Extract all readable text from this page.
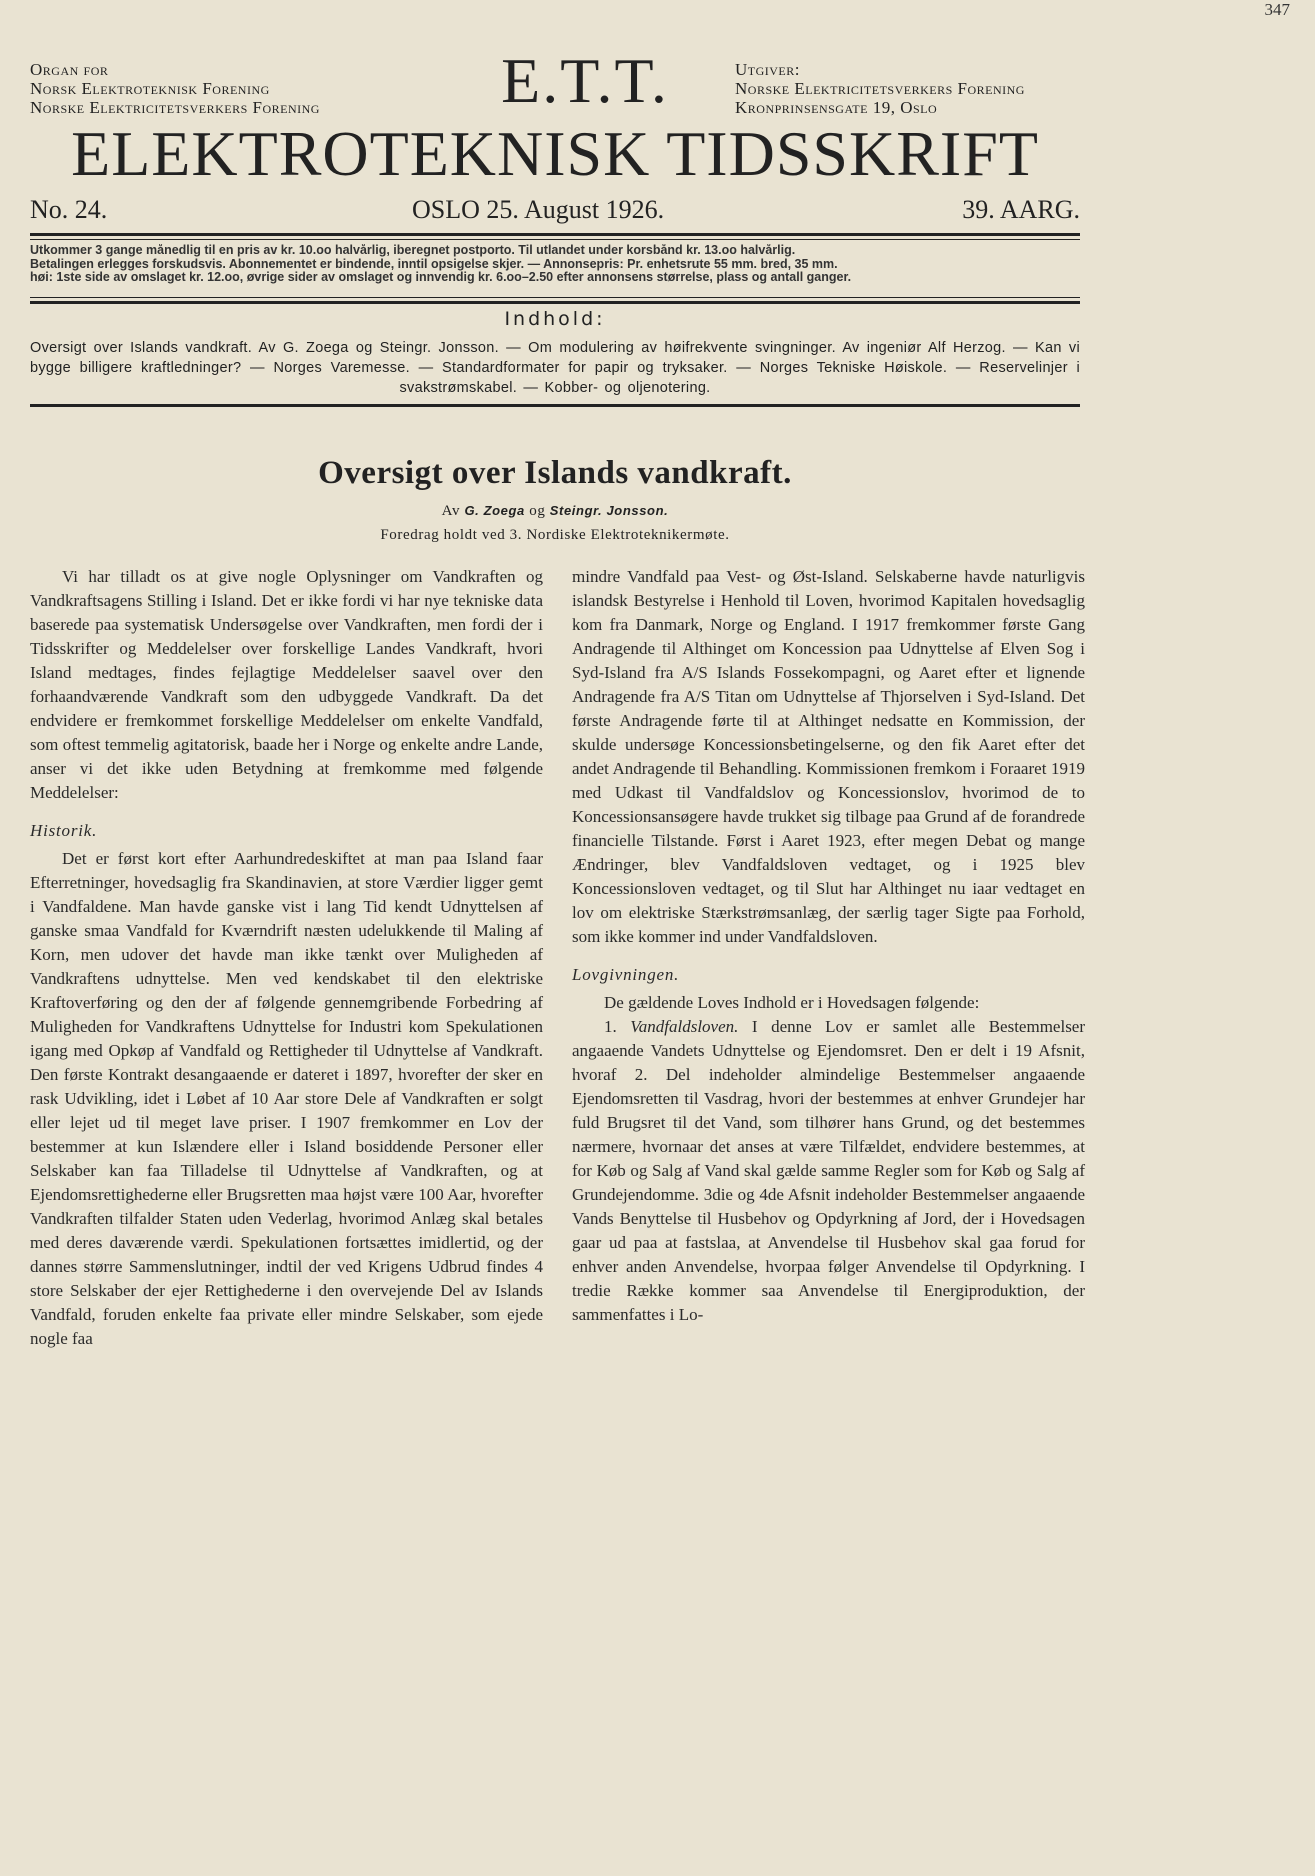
347
Organ for
Norsk Elektroteknisk Forening
Norske Elektricitetsverkers Forening	E.T.T.	Utgiver:
Norske Elektricitetsverkers Forening
Kronprinsensgate 19, Oslo
ELEKTROTEKNISK TIDSSKRIFT
No. 24.	OSLO 25. August 1926.	39. AARG.
Utkommer 3 gange månedlig til en pris av kr. 10.oo halvårlig, iberegnet postporto. Til utlandet under korsbånd kr. 13.oo halvårlig.
Betalingen erlegges forskudsvis. Abonnementet er bindende, inntil opsigelse skjer. — Annonsepris: Pr. enhetsrute 55 mm. bred, 35 mm.
høi: 1ste side av omslaget kr. 12.oo, øvrige sider av omslaget og innvendig kr. 6.oo–2.50 efter annonsens størrelse, plass og antall ganger.
Indhold:
Oversigt over Islands vandkraft. Av G. Zoega og Steingr. Jonsson. — Om modulering av høifrekvente svingninger. Av ingeniør Alf Herzog. — Kan vi bygge billigere kraftledninger? — Norges Varemesse. — Standardformater for papir og tryksaker. — Norges Tekniske Høiskole. — Reservelinjer i svakstrømskabel. — Kobber- og oljenotering.
Oversigt over Islands vandkraft.
Av G. Zoega og Steingr. Jonsson.
Foredrag holdt ved 3. Nordiske Elektroteknikermøte.

Vi har tilladt os at give nogle Oplysninger om Vandkraften og Vandkraftsagens Stilling i Island. Det er ikke fordi vi har nye tekniske data baserede paa systematisk Undersøgelse over Vandkraften, men fordi der i Tidsskrifter og Meddelelser over forskellige Landes Vandkraft, hvori Island medtages, findes fejlagtige Meddelelser saavel over den forhaandværende Vandkraft som den udbyggede Vandkraft. Da det endvidere er fremkommet forskellige Meddelelser om enkelte Vandfald, som oftest temmelig agitatorisk, baade her i Norge og enkelte andre Lande, anser vi det ikke uden Betydning at fremkomme med følgende Meddelelser:

Historik.

Det er først kort efter Aarhundredeskiftet at man paa Island faar Efterretninger, hovedsaglig fra Skandinavien, at store Værdier ligger gemt i Vandfaldene. Man havde ganske vist i lang Tid kendt Udnyttelsen af ganske smaa Vandfald for Kværndrift næsten udelukkende til Maling af Korn, men udover det havde man ikke tænkt over Muligheden af Vandkraftens udnyttelse. Men ved kendskabet til den elektriske Kraftoverføring og den der af følgende gennemgribende Forbedring af Muligheden for Vandkraftens Udnyttelse for Industri kom Spekulationen igang med Opkøp af Vandfald og Rettigheder til Udnyttelse af Vandkraft. Den første Kontrakt desangaaende er dateret i 1897, hvorefter der sker en rask Udvikling, idet i Løbet af 10 Aar store Dele af Vandkraften er solgt eller lejet ud til meget lave priser. I 1907 fremkommer en Lov der bestemmer at kun Islændere eller i Island bosiddende Personer eller Selskaber kan faa Tilladelse til Udnyttelse af Vandkraften, og at Ejendomsrettighederne eller Brugsretten maa højst være 100 Aar, hvorefter Vandkraften tilfalder Staten uden Vederlag, hvorimod Anlæg skal betales med deres daværende værdi. Spekulationen fortsættes imidlertid, og der dannes større Sammenslutninger, indtil der ved Krigens Udbrud findes 4 store Selskaber der ejer Rettighederne i den overvejende Del av Islands Vandfald, foruden enkelte faa private eller mindre Selskaber, som ejede nogle faa

mindre Vandfald paa Vest- og Øst-Island. Selskaberne havde naturligvis islandsk Bestyrelse i Henhold til Loven, hvorimod Kapitalen hovedsaglig kom fra Danmark, Norge og England. I 1917 fremkommer første Gang Andragende til Althinget om Koncession paa Udnyttelse af Elven Sog i Syd-Island fra A/S Islands Fossekompagni, og Aaret efter et lignende Andragende fra A/S Titan om Udnyttelse af Thjorselven i Syd-Island. Det første Andragende førte til at Althinget nedsatte en Kommission, der skulde undersøge Koncessionsbetingelserne, og den fik Aaret efter det andet Andragende til Behandling. Kommissionen fremkom i Foraaret 1919 med Udkast til Vandfaldslov og Koncessionslov, hvorimod de to Koncessionsansøgere havde trukket sig tilbage paa Grund af de forandrede financielle Tilstande. Først i Aaret 1923, efter megen Debat og mange Ændringer, blev Vandfaldsloven vedtaget, og i 1925 blev Koncessionsloven vedtaget, og til Slut har Althinget nu iaar vedtaget en lov om elektriske Stærkstrømsanlæg, der særlig tager Sigte paa Forhold, som ikke kommer ind under Vandfaldsloven.

Lovgivningen.

De gældende Loves Indhold er i Hovedsagen følgende:

1. Vandfaldsloven. I denne Lov er samlet alle Bestemmelser angaaende Vandets Udnyttelse og Ejendomsret. Den er delt i 19 Afsnit, hvoraf 2. Del indeholder almindelige Bestemmelser angaaende Ejendomsretten til Vasdrag, hvori der bestemmes at enhver Grundejer har fuld Brugsret til det Vand, som tilhører hans Grund, og det bestemmes nærmere, hvornaar det anses at være Tilfældet, endvidere bestemmes, at for Køb og Salg af Vand skal gælde samme Regler som for Køb og Salg af Grundejendomme. 3die og 4de Afsnit indeholder Bestemmelser angaaende Vands Benyttelse til Husbehov og Opdyrkning af Jord, der i Hovedsagen gaar ud paa at fastslaa, at Anvendelse til Husbehov skal gaa forud for enhver anden Anvendelse, hvorpaa følger Anvendelse til Opdyrkning. I tredie Række kommer saa Anvendelse til Energiproduktion, der sammenfattes i Lo-
